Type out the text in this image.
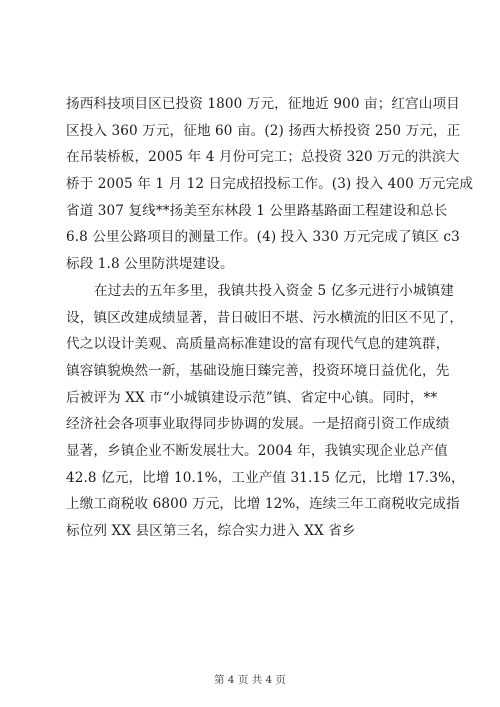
扬西科技项目区已投资 1800 万元，征地近 900 亩；红宫山项目
区投入 360 万元，征地 60 亩。(2) 扬西大桥投资 250 万元，正
在吊装桥板，2005 年 4 月份可完工；总投资 320 万元的洪滨大
桥于 2005 年 1 月 12 日完成招投标工作。(3) 投入 400 万元完成
省道 307 复线**扬美至东林段 1 公里路基路面工程建设和总长
6.8 公里公路项目的测量工作。(4) 投入 330 万元完成了镇区 c3
标段 1.8 公里防洪堤建设。
在过去的五年多里，我镇共投入资金 5 亿多元进行小城镇建
设，镇区改建成绩显著，昔日破旧不堪、污水横流的旧区不见了，
代之以设计美观、高质量高标准建设的富有现代气息的建筑群，
镇容镇貌焕然一新，基础设施日臻完善，投资环境日益优化，先
后被评为 XX 市“小城镇建设示范”镇、省定中心镇。同时，**
经济社会各项事业取得同步协调的发展。一是招商引资工作成绩
显著，乡镇企业不断发展壮大。2004 年，我镇实现企业总产值
42.8 亿元，比增 10.1%，工业产值 31.15 亿元，比增 17.3%，
上缴工商税收 6800 万元，比增 12%，连续三年工商税收完成指
标位列 XX 县区第三名，综合实力进入 XX 省乡
第 4 页 共 4 页
